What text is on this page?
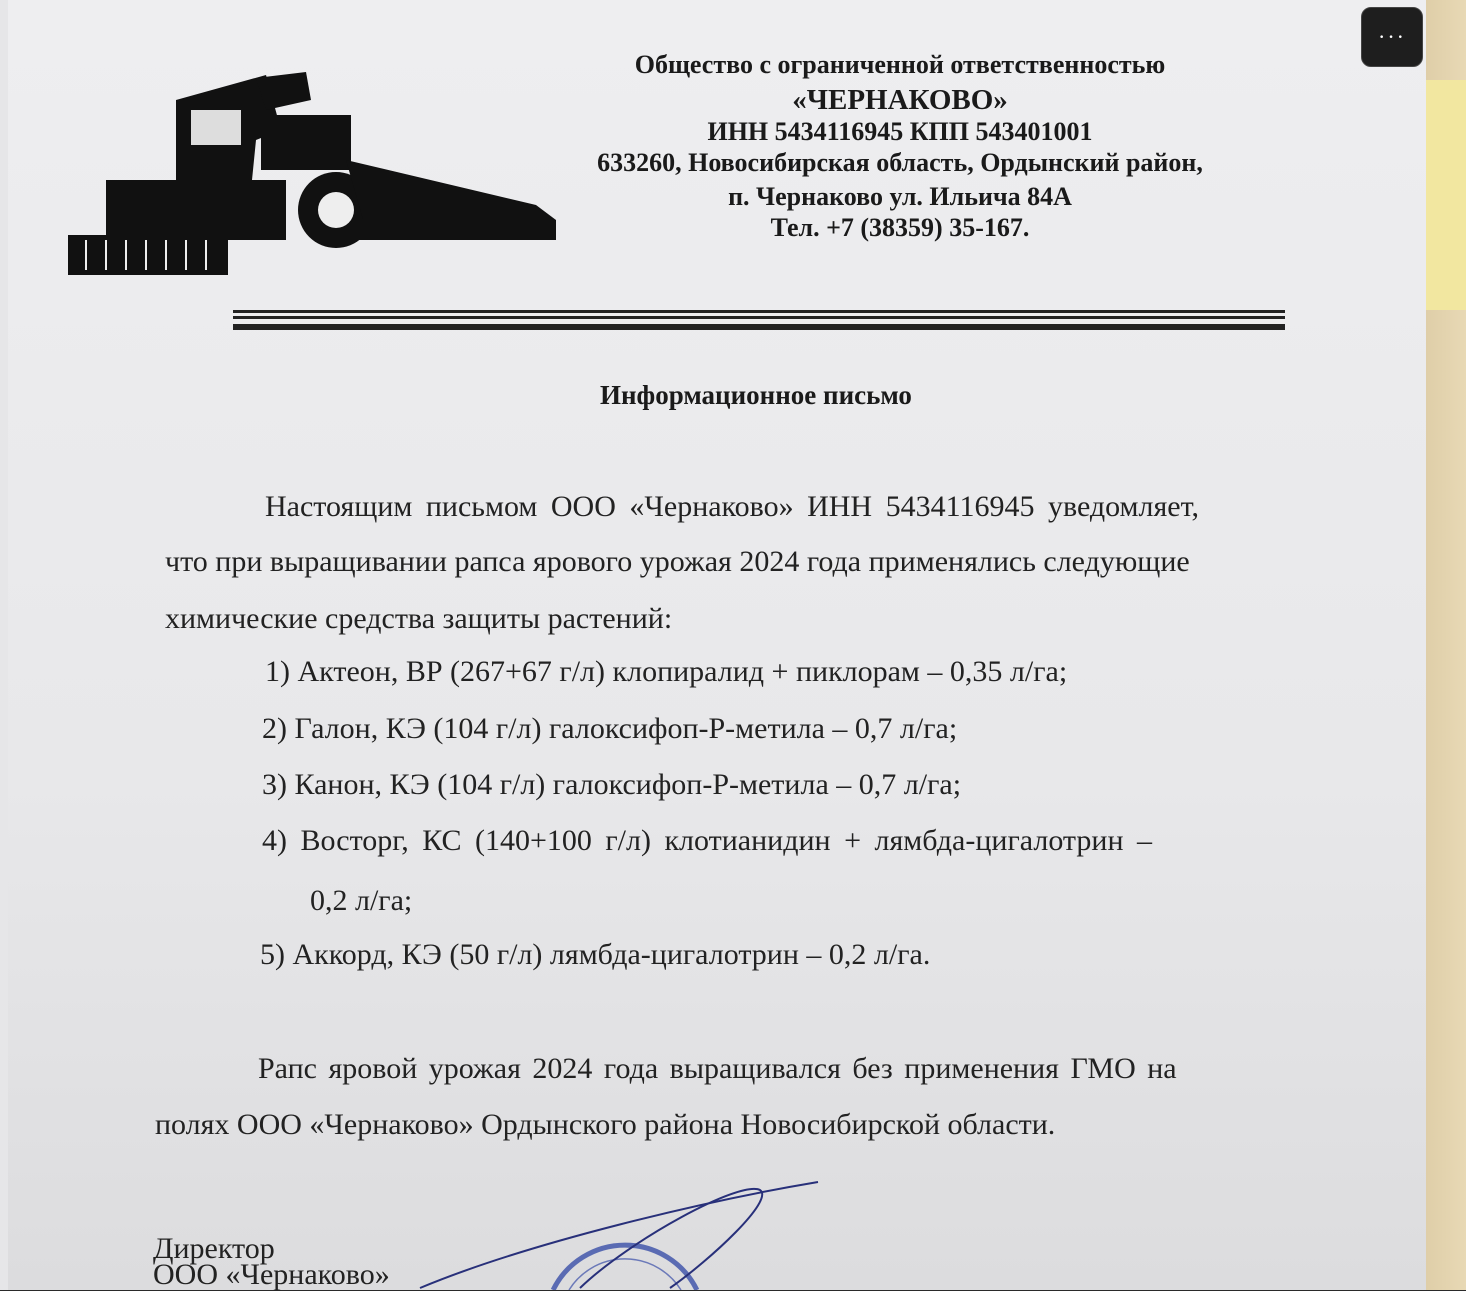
Общество с ограниченной ответственностью
«ЧЕРНАКОВО»
ИНН 5434116945 КПП 543401001
633260, Новосибирская область, Ордынский район,
п. Чернаково ул. Ильича 84А
Тел. +7 (38359) 35-167.
Информационное письмо
Настоящим письмом ООО «Чернаково» ИНН 5434116945 уведомляет,
что при выращивании рапса ярового урожая 2024 года применялись следующие
химические средства защиты растений:
1) Актеон, ВР (267+67 г/л) клопиралид + пиклорам – 0,35 л/га;
2) Галон, КЭ (104 г/л) галоксифоп-Р-метила – 0,7 л/га;
3) Канон, КЭ (104 г/л) галоксифоп-Р-метила – 0,7 л/га;
4) Восторг, КС (140+100 г/л) клотианидин + лямбда-цигалотрин –
0,2 л/га;
5) Аккорд, КЭ (50 г/л) лямбда-цигалотрин – 0,2 л/га.
Рапс яровой урожая 2024 года выращивался без применения ГМО на
полях ООО «Чернаково» Ордынского района Новосибирской области.
Директор
ООО «Чернаково»
···
